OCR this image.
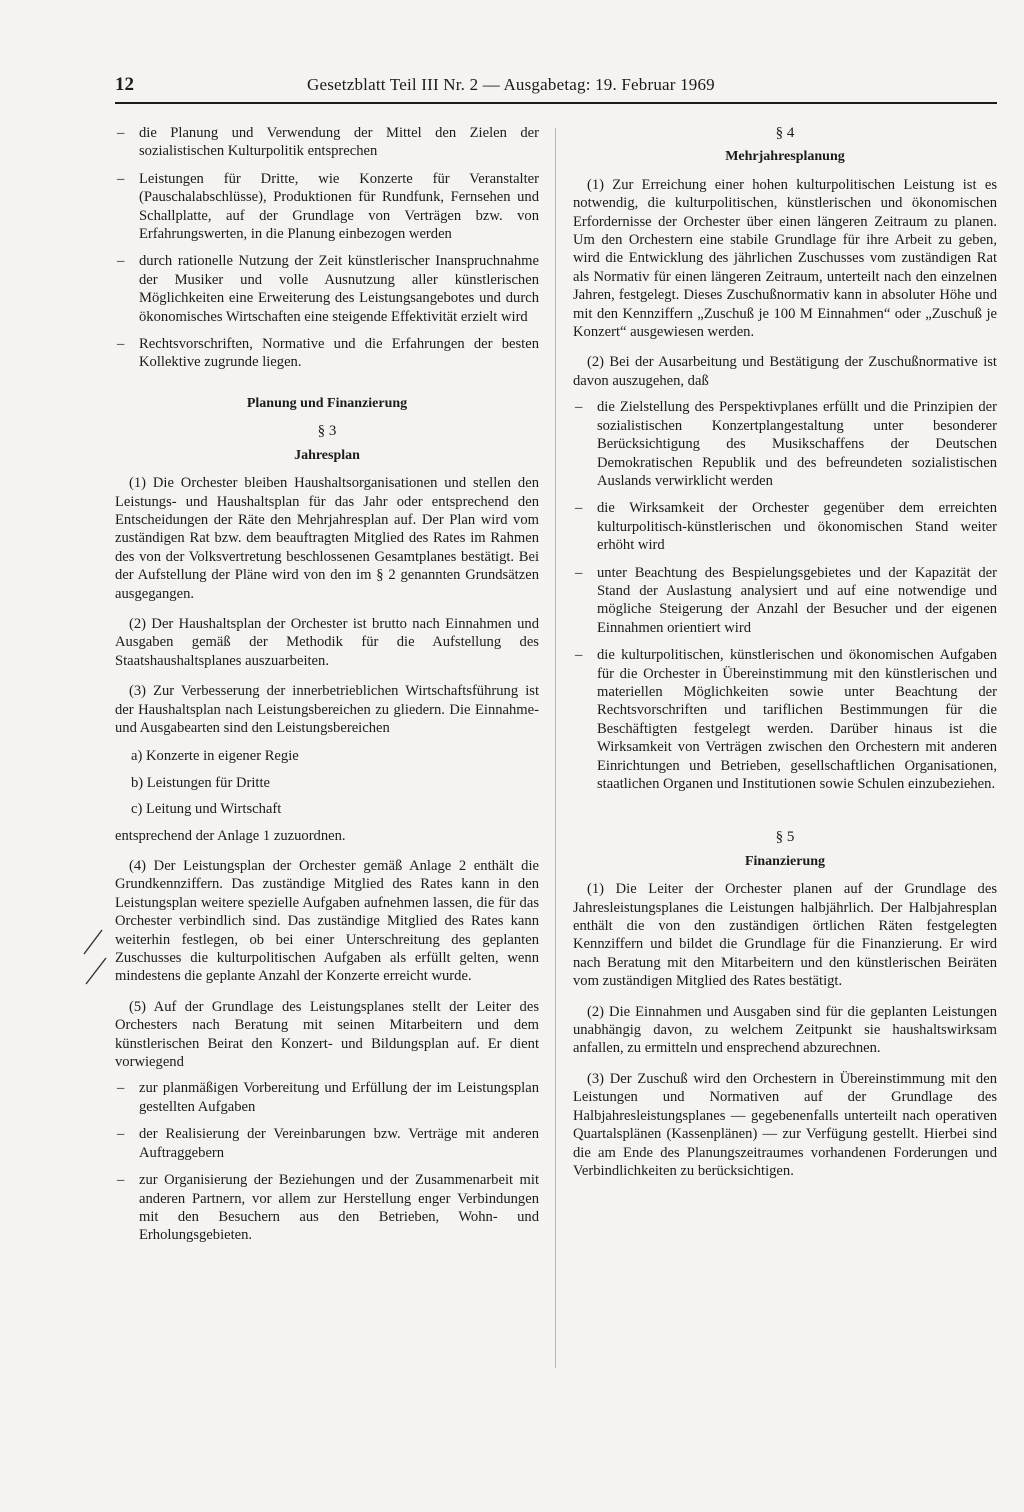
12	Gesetzblatt Teil III Nr. 2 — Ausgabetag: 19. Februar 1969
– die Planung und Verwendung der Mittel den Zielen der sozialistischen Kulturpolitik entsprechen
– Leistungen für Dritte, wie Konzerte für Veranstalter (Pauschalabschlüsse), Produktionen für Rundfunk, Fernsehen und Schallplatte, auf der Grundlage von Verträgen bzw. von Erfahrungswerten, in die Planung einbezogen werden
– durch rationelle Nutzung der Zeit künstlerischer Inanspruchnahme der Musiker und volle Ausnutzung aller künstlerischen Möglichkeiten eine Erweiterung des Leistungsangebotes und durch ökonomisches Wirtschaften eine steigende Effektivität erzielt wird
– Rechtsvorschriften, Normative und die Erfahrungen der besten Kollektive zugrunde liegen.
Planung und Finanzierung
§ 3
Jahresplan

(1) Die Orchester bleiben Haushaltsorganisationen und stellen den Leistungs- und Haushaltsplan für das Jahr oder entsprechend den Entscheidungen der Räte den Mehrjahresplan auf. Der Plan wird vom zuständigen Rat bzw. dem beauftragten Mitglied des Rates im Rahmen des von der Volksvertretung beschlossenen Gesamtplanes bestätigt. Bei der Aufstellung der Pläne wird von den im § 2 genannten Grundsätzen ausgegangen.

(2) Der Haushaltsplan der Orchester ist brutto nach Einnahmen und Ausgaben gemäß der Methodik für die Aufstellung des Staatshaushaltsplanes auszuarbeiten.

(3) Zur Verbesserung der innerbetrieblichen Wirtschaftsführung ist der Haushaltsplan nach Leistungsbereichen zu gliedern. Die Einnahme- und Ausgabearten sind den Leistungsbereichen

a) Konzerte in eigener Regie
b) Leistungen für Dritte
c) Leitung und Wirtschaft

entsprechend der Anlage 1 zuzuordnen.

(4) Der Leistungsplan der Orchester gemäß Anlage 2 enthält die Grundkennziffern. Das zuständige Mitglied des Rates kann in den Leistungsplan weitere spezielle Aufgaben aufnehmen lassen, die für das Orchester verbindlich sind. Das zuständige Mitglied des Rates kann weiterhin festlegen, ob bei einer Unterschreitung des geplanten Zuschusses die kulturpolitischen Aufgaben als erfüllt gelten, wenn mindestens die geplante Anzahl der Konzerte erreicht wurde.

(5) Auf der Grundlage des Leistungsplanes stellt der Leiter des Orchesters nach Beratung mit seinen Mitarbeitern und dem künstlerischen Beirat den Konzert- und Bildungsplan auf. Er dient vorwiegend

– zur planmäßigen Vorbereitung und Erfüllung der im Leistungsplan gestellten Aufgaben
– der Realisierung der Vereinbarungen bzw. Verträge mit anderen Auftraggebern
– zur Organisierung der Beziehungen und der Zusammenarbeit mit anderen Partnern, vor allem zur Herstellung enger Verbindungen mit den Besuchern aus den Betrieben, Wohn- und Erholungsgebieten.
§ 4
Mehrjahresplanung

(1) Zur Erreichung einer hohen kulturpolitischen Leistung ist es notwendig, die kulturpolitischen, künstlerischen und ökonomischen Erfordernisse der Orchester über einen längeren Zeitraum zu planen. Um den Orchestern eine stabile Grundlage für ihre Arbeit zu geben, wird die Entwicklung des jährlichen Zuschusses vom zuständigen Rat als Normativ für einen längeren Zeitraum, unterteilt nach den einzelnen Jahren, festgelegt. Dieses Zuschußnormativ kann in absoluter Höhe und mit den Kennziffern „Zuschuß je 100 M Einnahmen“ oder „Zuschuß je Konzert“ ausgewiesen werden.

(2) Bei der Ausarbeitung und Bestätigung der Zuschußnormative ist davon auszugehen, daß

– die Zielstellung des Perspektivplanes erfüllt und die Prinzipien der sozialistischen Konzertplangestaltung unter besonderer Berücksichtigung des Musikschaffens der Deutschen Demokratischen Republik und des befreundeten sozialistischen Auslands verwirklicht werden
– die Wirksamkeit der Orchester gegenüber dem erreichten kulturpolitisch-künstlerischen und ökonomischen Stand weiter erhöht wird
– unter Beachtung des Bespielungsgebietes und der Kapazität der Stand der Auslastung analysiert und auf eine notwendige und mögliche Steigerung der Anzahl der Besucher und der eigenen Einnahmen orientiert wird
– die kulturpolitischen, künstlerischen und ökonomischen Aufgaben für die Orchester in Übereinstimmung mit den künstlerischen und materiellen Möglichkeiten sowie unter Beachtung der Rechtsvorschriften und tariflichen Bestimmungen für die Beschäftigten festgelegt werden. Darüber hinaus ist die Wirksamkeit von Verträgen zwischen den Orchestern mit anderen Einrichtungen und Betrieben, gesellschaftlichen Organisationen, staatlichen Organen und Institutionen sowie Schulen einzubeziehen.
§ 5
Finanzierung

(1) Die Leiter der Orchester planen auf der Grundlage des Jahresleistungsplanes die Leistungen halbjährlich. Der Halbjahresplan enthält die von den zuständigen örtlichen Räten festgelegten Kennziffern und bildet die Grundlage für die Finanzierung. Er wird nach Beratung mit den Mitarbeitern und den künstlerischen Beiräten vom zuständigen Mitglied des Rates bestätigt.

(2) Die Einnahmen und Ausgaben sind für die geplanten Leistungen unabhängig davon, zu welchem Zeitpunkt sie haushaltswirksam anfallen, zu ermitteln und ensprechend abzurechnen.

(3) Der Zuschuß wird den Orchestern in Übereinstimmung mit den Leistungen und Normativen auf der Grundlage des Halbjahresleistungsplanes — gegebenenfalls unterteilt nach operativen Quartalsplänen (Kassenplänen) — zur Verfügung gestellt. Hierbei sind die am Ende des Planungszeitraumes vorhandenen Forderungen und Verbindlichkeiten zu berücksichtigen.
